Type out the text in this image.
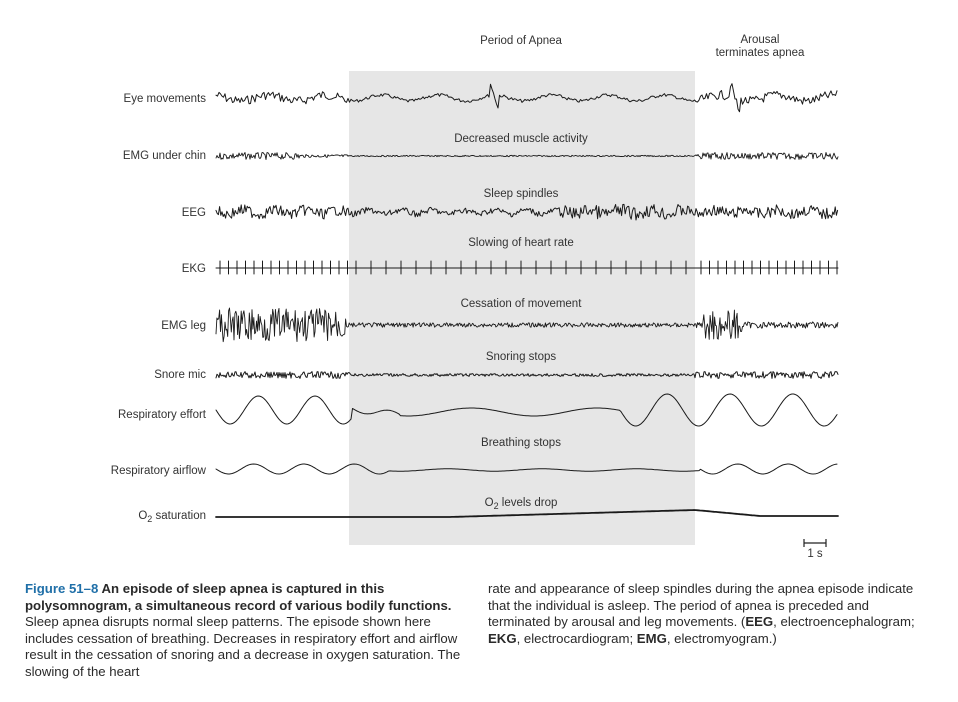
Period of Apnea	Arousal
terminates apnea
Decreased muscle activity
Sleep spindles
Slowing of heart rate
Cessation of movement
Snoring stops
Breathing stops
$O_2$ levels drop
Eye movements
EMG under chin
EEG
EKG
EMG leg
Snore mic
Respiratory effort
Respiratory airflow
$O_2$ saturation
1 s
Figure 51–8 An episode of sleep apnea is captured in this polysomnogram, a simultaneous record of various bodily functions. Sleep apnea disrupts normal sleep patterns. The episode shown here includes cessation of breathing. Decreases in respiratory effort and airflow result in the cessation of snoring and a decrease in oxygen saturation. The slowing of the heart
rate and appearance of sleep spindles during the apnea episode indicate that the individual is asleep. The period of apnea is preceded and terminated by arousal and leg movements. (EEG, electroencephalogram; EKG, electrocardiogram; EMG, electromyogram.)
